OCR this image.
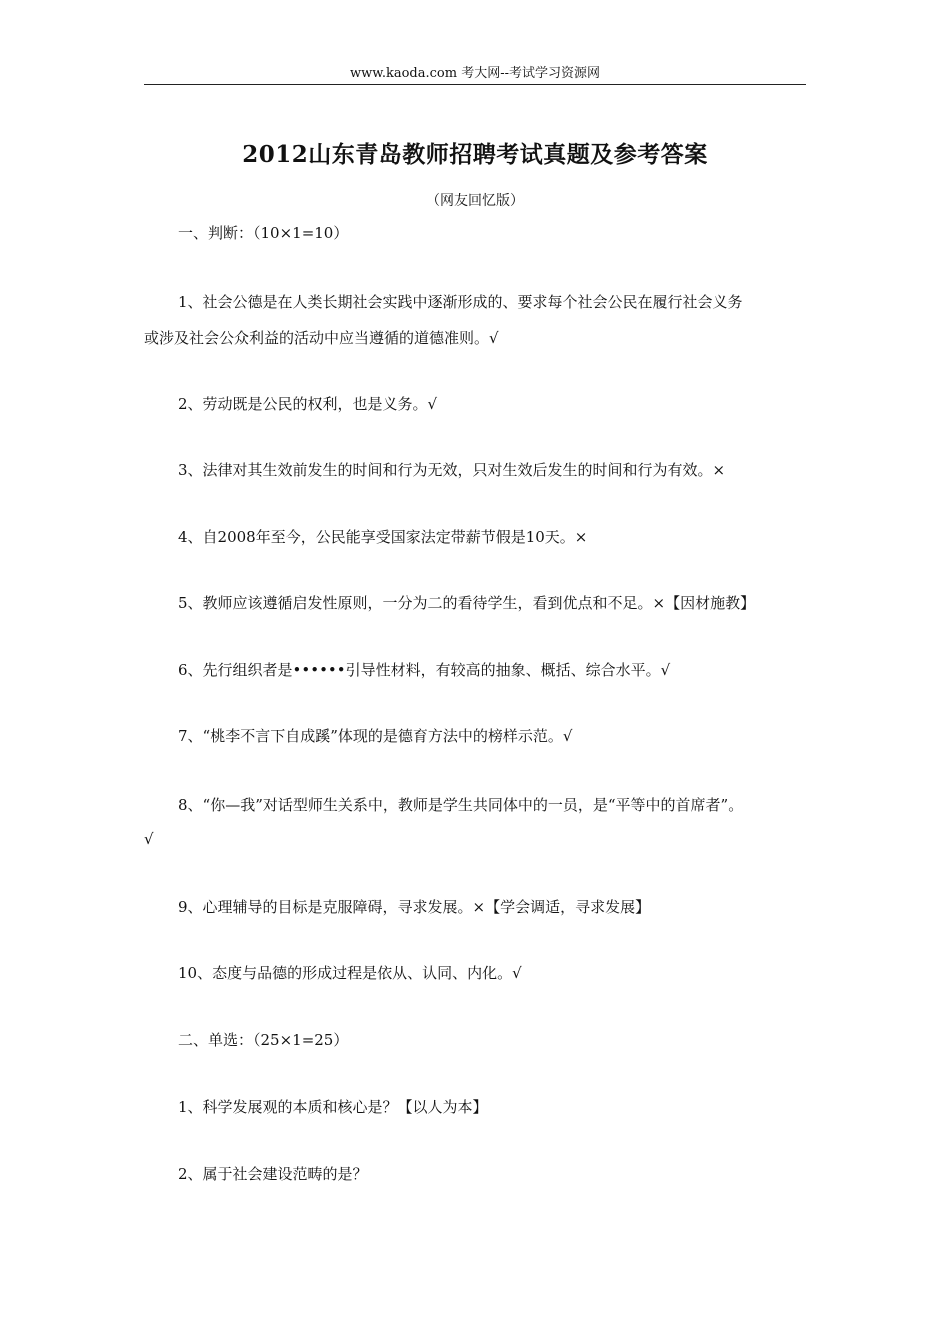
www.kaoda.com 考大网--考试学习资源网
2012山东青岛教师招聘考试真题及参考答案
（网友回忆版）
一、判断：（10×1=10）
1、社会公德是在人类长期社会实践中逐渐形成的、要求每个社会公民在履行社会义务
或涉及社会公众利益的活动中应当遵循的道德准则。√
2、劳动既是公民的权利，也是义务。√
3、法律对其生效前发生的时间和行为无效，只对生效后发生的时间和行为有效。×
4、自2008年至今，公民能享受国家法定带薪节假是10天。×
5、教师应该遵循启发性原则，一分为二的看待学生，看到优点和不足。×【因材施教】
6、先行组织者是••••••引导性材料，有较高的抽象、概括、综合水平。√
7、“桃李不言下自成蹊”体现的是德育方法中的榜样示范。√
8、“你—我”对话型师生关系中，教师是学生共同体中的一员，是“平等中的首席者”。
√
9、心理辅导的目标是克服障碍，寻求发展。×【学会调适，寻求发展】
10、态度与品德的形成过程是依从、认同、内化。√
二、单选：（25×1=25）
1、科学发展观的本质和核心是？【以人为本】
2、属于社会建设范畴的是？
